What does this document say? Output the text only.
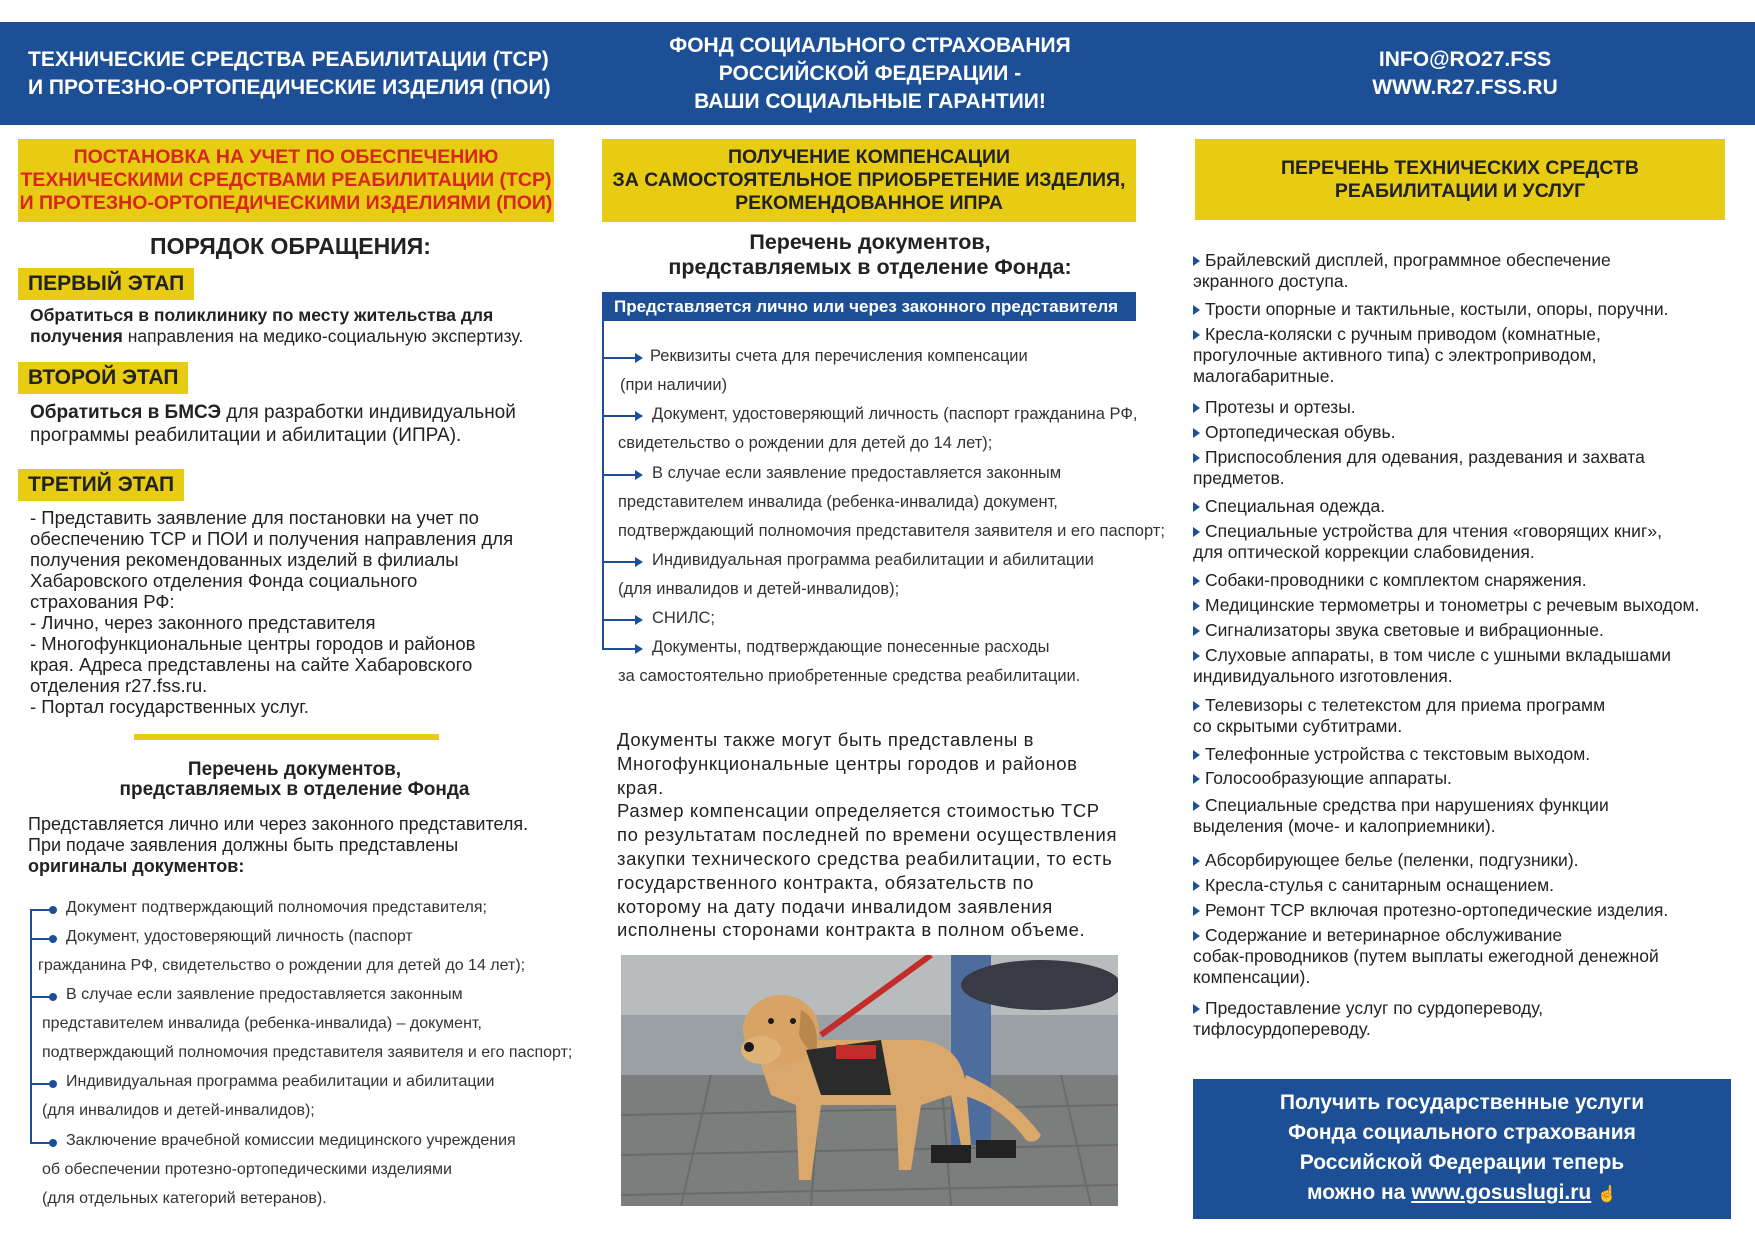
ТЕХНИЧЕСКИЕ СРЕДСТВА РЕАБИЛИТАЦИИ (ТСР)
И ПРОТЕЗНО-ОРТОПЕДИЧЕСКИЕ ИЗДЕЛИЯ (ПОИ)
ФОНД СОЦИАЛЬНОГО СТРАХОВАНИЯ
РОССИЙСКОЙ ФЕДЕРАЦИИ -
ВАШИ СОЦИАЛЬНЫЕ ГАРАНТИИ!
INFO@RO27.FSS
WWW.R27.FSS.RU
ПОСТАНОВКА НА УЧЕТ ПО ОБЕСПЕЧЕНИЮ
ТЕХНИЧЕСКИМИ СРЕДСТВАМИ РЕАБИЛИТАЦИИ (ТСР)
И ПРОТЕЗНО-ОРТОПЕДИЧЕСКИМИ ИЗДЕЛИЯМИ (ПОИ)
ПОРЯДОК ОБРАЩЕНИЯ:
ПЕРВЫЙ ЭТАП
Обратиться в поликлинику по месту жительства для
получения направления на медико-социальную экспертизу.
ВТОРОЙ ЭТАП
Обратиться в БМСЭ для разработки индивидуальной
программы реабилитации и абилитации (ИПРА).
ТРЕТИЙ ЭТАП
- Представить заявление для постановки на учет по
обеспечению ТСР и ПОИ и получения направления для
получения рекомендованных изделий в филиалы
Хабаровского отделения Фонда социального
страхования РФ:
- Лично, через законного представителя
- Многофункциональные центры городов и районов
края. Адреса представлены на сайте Хабаровского
отделения r27.fss.ru.
- Портал государственных услуг.
Перечень документов,
представляемых в отделение Фонда
Представляется лично или через законного представителя.
При подаче заявления должны быть представлены
оригиналы документов:
Документ подтверждающий полномочия представителя;
Документ, удостоверяющий личность (паспорт
гражданина РФ, свидетельство о рождении для детей до 14 лет);
В случае если заявление предоставляется законным
представителем инвалида (ребенка-инвалида) – документ,
подтверждающий полномочия представителя заявителя и его паспорт;
Индивидуальная программа реабилитации и абилитации
(для инвалидов и детей-инвалидов);
Заключение врачебной комиссии медицинского учреждения
об обеспечении протезно-ортопедическими изделиями
(для отдельных категорий ветеранов).
ПОЛУЧЕНИЕ КОМПЕНСАЦИИ
ЗА САМОСТОЯТЕЛЬНОЕ ПРИОБРЕТЕНИЕ ИЗДЕЛИЯ,
РЕКОМЕНДОВАННОЕ ИПРА
Перечень документов,
представляемых в отделение Фонда:
Представляется лично или через законного представителя
Реквизиты счета для перечисления компенсации
(при наличии)
Документ, удостоверяющий личность (паспорт гражданина РФ,
свидетельство о рождении для детей до 14 лет);
В случае если заявление предоставляется законным
представителем инвалида (ребенка-инвалида) документ,
подтверждающий полномочия представителя заявителя и его паспорт;
Индивидуальная программа реабилитации и абилитации
(для инвалидов и детей-инвалидов);
СНИЛС;
Документы, подтверждающие понесенные расходы
за самостоятельно приобретенные средства реабилитации.
Документы также могут быть представлены в
Многофункциональные центры городов и районов
края.
Размер компенсации определяется стоимостью ТСР
по результатам последней по времени осуществления
закупки технического средства реабилитации, то есть
государственного контракта, обязательств по
которому на дату подачи инвалидом заявления
исполнены сторонами контракта в полном объеме.
ПЕРЕЧЕНЬ ТЕХНИЧЕСКИХ СРЕДСТВ
РЕАБИЛИТАЦИИ И УСЛУГ
Брайлевский дисплей, программное обеспечение
экранного доступа.
Трости опорные и тактильные, костыли, опоры, поручни.
Кресла-коляски с ручным приводом (комнатные,
прогулочные активного типа) с электроприводом,
малогабаритные.
Протезы и ортезы.
Ортопедическая обувь.
Приспособления для одевания, раздевания и захвата
предметов.
Специальная одежда.
Специальные устройства для чтения «говорящих книг»,
для оптической коррекции слабовидения.
Собаки-проводники с комплектом снаряжения.
Медицинские термометры и тонометры с речевым выходом.
Сигнализаторы звука световые и вибрационные.
Слуховые аппараты, в том числе с ушными вкладышами
индивидуального изготовления.
Телевизоры с телетекстом для приема программ
со скрытыми субтитрами.
Телефонные устройства с текстовым выходом.
Голосообразующие аппараты.
Специальные средства при нарушениях функции
выделения (моче- и калоприемники).
Абсорбирующее белье (пеленки, подгузники).
Кресла-стулья с санитарным оснащением.
Ремонт ТСР включая протезно-ортопедические изделия.
Содержание и ветеринарное обслуживание
собак-проводников (путем выплаты ежегодной денежной
компенсации).
Предоставление услуг по сурдопереводу,
тифлосурдопереводу.
Получить государственные услуги
Фонда социального страхования
Российской Федерации теперь
можно на www.gosuslugi.ru ☝
